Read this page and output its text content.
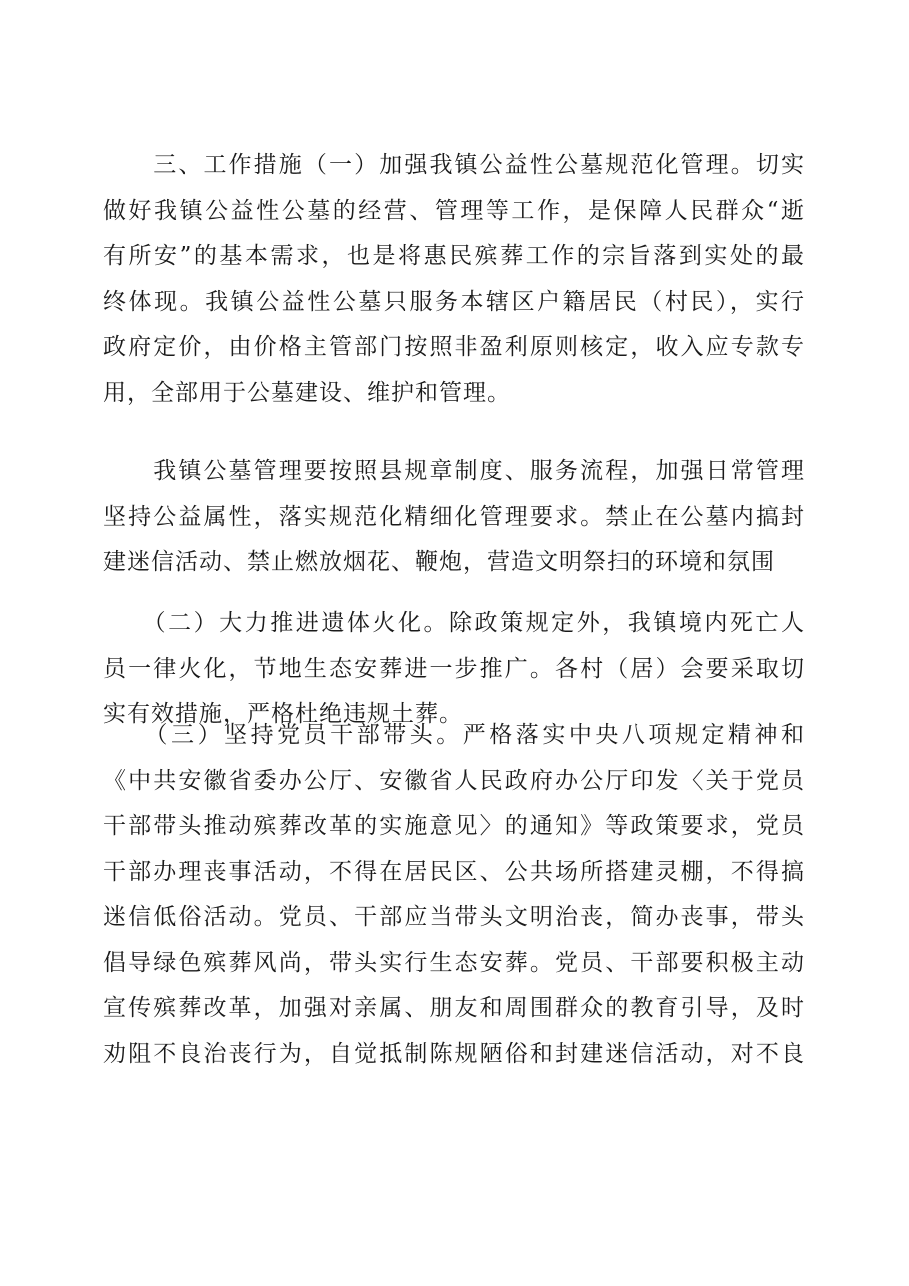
　　三、工作措施（一）加强我镇公益性公墓规范化管理。切实
做好我镇公益性公墓的经营、管理等工作，是保障人民群众“逝
有所安”的基本需求，也是将惠民殡葬工作的宗旨落到实处的最
终体现。我镇公益性公墓只服务本辖区户籍居民（村民），实行
政府定价，由价格主管部门按照非盈利原则核定，收入应专款专
用，全部用于公墓建设、维护和管理。
　　我镇公墓管理要按照县规章制度、服务流程，加强日常管理
坚持公益属性，落实规范化精细化管理要求。禁止在公墓内搞封
建迷信活动、禁止燃放烟花、鞭炮，营造文明祭扫的环境和氛围
　　（二）大力推进遗体火化。除政策规定外，我镇境内死亡人
员一律火化，节地生态安葬进一步推广。各村（居）会要采取切
实有效措施，严格杜绝违规土葬。
　　（三）坚持党员干部带头。严格落实中央八项规定精神和
《中共安徽省委办公厅、安徽省人民政府办公厅印发〈关于党员
干部带头推动殡葬改革的实施意见〉的通知》等政策要求，党员
干部办理丧事活动，不得在居民区、公共场所搭建灵棚，不得搞
迷信低俗活动。党员、干部应当带头文明治丧，简办丧事，带头
倡导绿色殡葬风尚，带头实行生态安葬。党员、干部要积极主动
宣传殡葬改革，加强对亲属、朋友和周围群众的教育引导，及时
劝阻不良治丧行为，自觉抵制陈规陋俗和封建迷信活动，对不良
